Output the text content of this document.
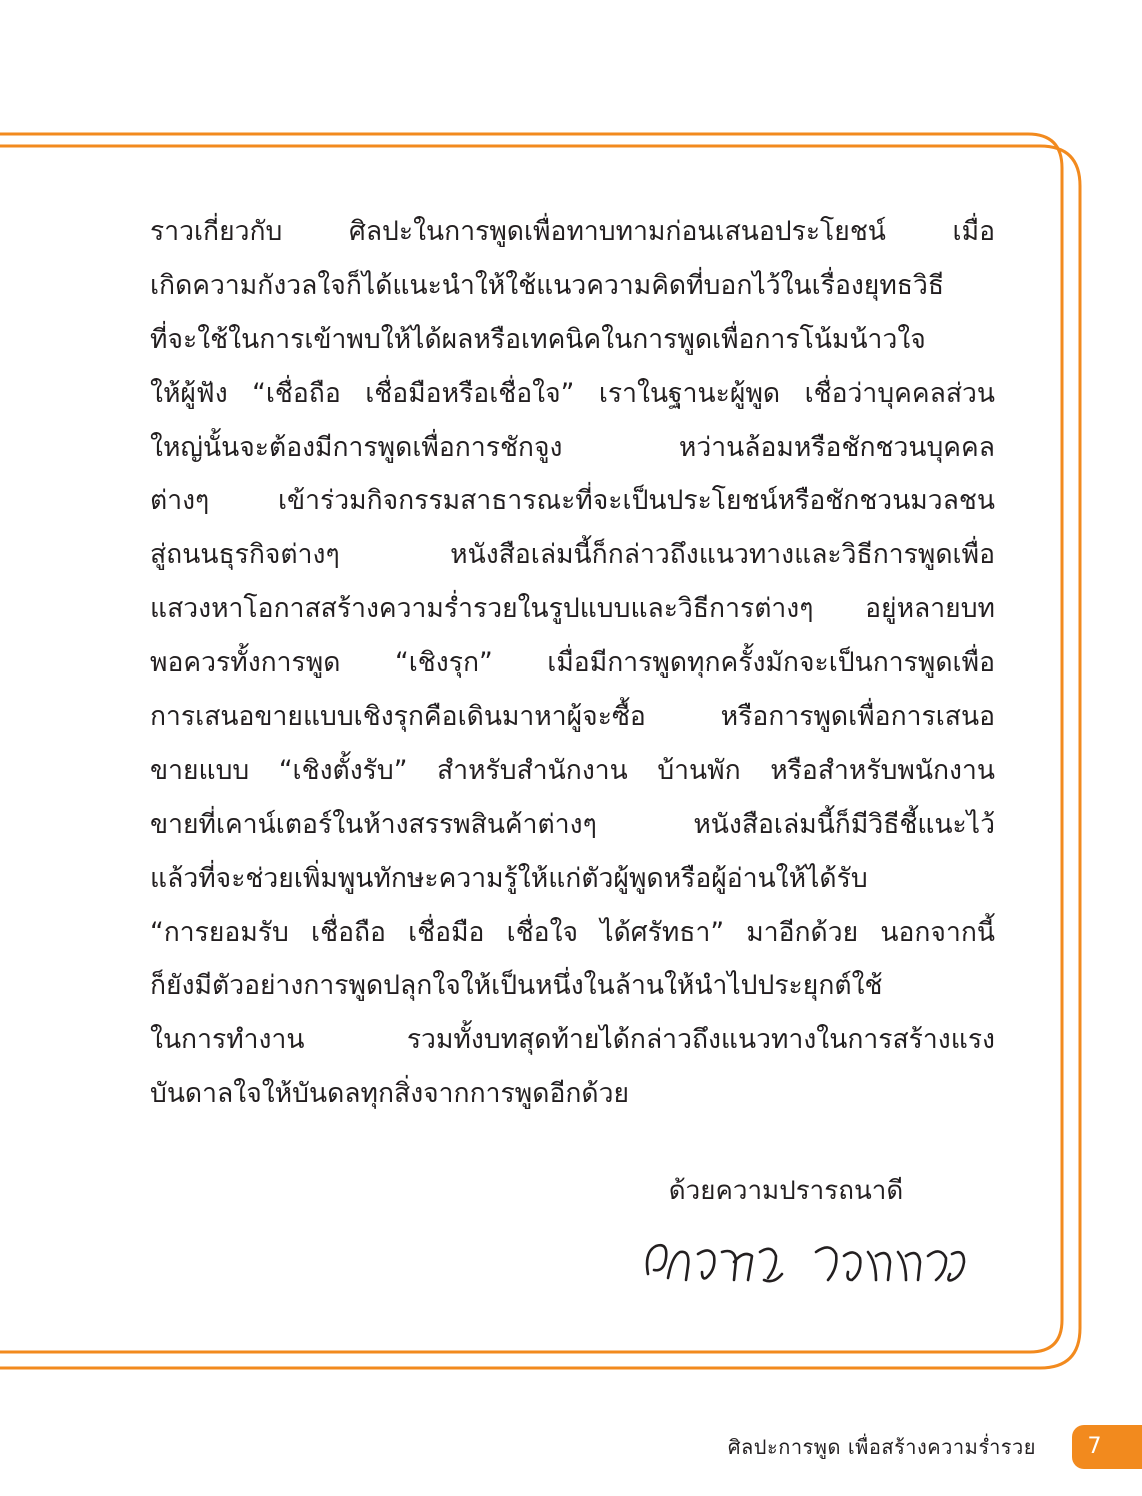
ราวเกี่ยวกับ ศิลปะในการพูดเพื่อทาบทามก่อนเสนอประโยชน์ เมื่อ
เกิดความกังวลใจก็ได้แนะนำให้ใช้แนวความคิดที่บอกไว้ในเรื่องยุทธวิธี
ที่จะใช้ในการเข้าพบให้ได้ผลหรือเทคนิคในการพูดเพื่อการโน้มน้าวใจ
ให้ผู้ฟัง “เชื่อถือ เชื่อมือหรือเชื่อใจ” เราในฐานะผู้พูด เชื่อว่าบุคคลส่วน
ใหญ่นั้นจะต้องมีการพูดเพื่อการชักจูง หว่านล้อมหรือชักชวนบุคคล
ต่างๆ เข้าร่วมกิจกรรมสาธารณะที่จะเป็นประโยชน์หรือชักชวนมวลชน
สู่ถนนธุรกิจต่างๆ หนังสือเล่มนี้ก็กล่าวถึงแนวทางและวิธีการพูดเพื่อ
แสวงหาโอกาสสร้างความร่ำรวยในรูปแบบและวิธีการต่างๆ อยู่หลายบท
พอควรทั้งการพูด “เชิงรุก” เมื่อมีการพูดทุกครั้งมักจะเป็นการพูดเพื่อ
การเสนอขายแบบเชิงรุกคือเดินมาหาผู้จะซื้อ หรือการพูดเพื่อการเสนอ
ขายแบบ “เชิงตั้งรับ” สำหรับสำนักงาน บ้านพัก หรือสำหรับพนักงาน
ขายที่เคาน์เตอร์ในห้างสรรพสินค้าต่างๆ หนังสือเล่มนี้ก็มีวิธีชี้แนะไว้
แล้วที่จะช่วยเพิ่มพูนทักษะความรู้ให้แก่ตัวผู้พูดหรือผู้อ่านให้ได้รับ
“การยอมรับ เชื่อถือ เชื่อมือ เชื่อใจ ได้ศรัทธา” มาอีกด้วย นอกจากนี้
ก็ยังมีตัวอย่างการพูดปลุกใจให้เป็นหนึ่งในล้านให้นำไปประยุกต์ใช้
ในการทำงาน รวมทั้งบทสุดท้ายได้กล่าวถึงแนวทางในการสร้างแรง
บันดาลใจให้บันดลทุกสิ่งจากการพูดอีกด้วย
ด้วยความปรารถนาดี
ศิลปะการพูด เพื่อสร้างความร่ำรวย	7
